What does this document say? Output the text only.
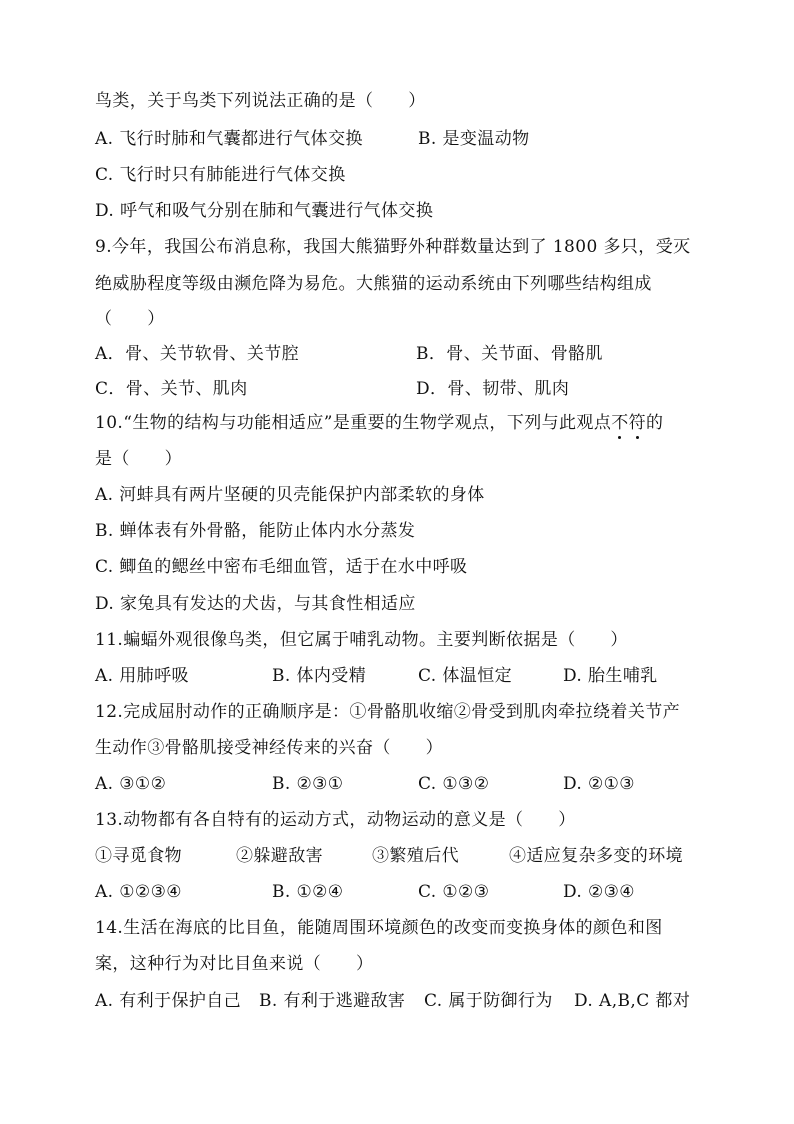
鸟类，关于鸟类下列说法正确的是（　　）
A. 飞行时肺和气囊都进行气体交换	B. 是变温动物
C. 飞行时只有肺能进行气体交换
D. 呼气和吸气分别在肺和气囊进行气体交换
9.今年，我国公布消息称，我国大熊猫野外种群数量达到了 1800 多只，受灭
绝威胁程度等级由濒危降为易危。大熊猫的运动系统由下列哪些结构组成
（　　）
A．骨、关节软骨、关节腔	B．骨、关节面、骨骼肌
C．骨、关节、肌肉	D．骨、韧带、肌肉
10.“生物的结构与功能相适应”是重要的生物学观点，下列与此观点不符的
是（　　）
A. 河蚌具有两片坚硬的贝壳能保护内部柔软的身体
B. 蝉体表有外骨骼，能防止体内水分蒸发
C. 鲫鱼的鳃丝中密布毛细血管，适于在水中呼吸
D. 家兔具有发达的犬齿，与其食性相适应
11.蝙蝠外观很像鸟类，但它属于哺乳动物。主要判断依据是（　　）
A. 用肺呼吸	B. 体内受精	C. 体温恒定	D. 胎生哺乳
12.完成屈肘动作的正确顺序是：①骨骼肌收缩②骨受到肌肉牵拉绕着关节产
生动作③骨骼肌接受神经传来的兴奋（　　）
A. ③①②	B. ②③①	C. ①③②	D. ②①③
13.动物都有各自特有的运动方式，动物运动的意义是（　　）
①寻觅食物	②躲避敌害	③繁殖后代	④适应复杂多变的环境
A. ①②③④	B. ①②④	C. ①②③	D. ②③④
14.生活在海底的比目鱼，能随周围环境颜色的改变而变换身体的颜色和图
案，这种行为对比目鱼来说（　　）
A. 有利于保护自己 B. 有利于逃避敌害 C. 属于防御行为 D. A,B,C 都对
